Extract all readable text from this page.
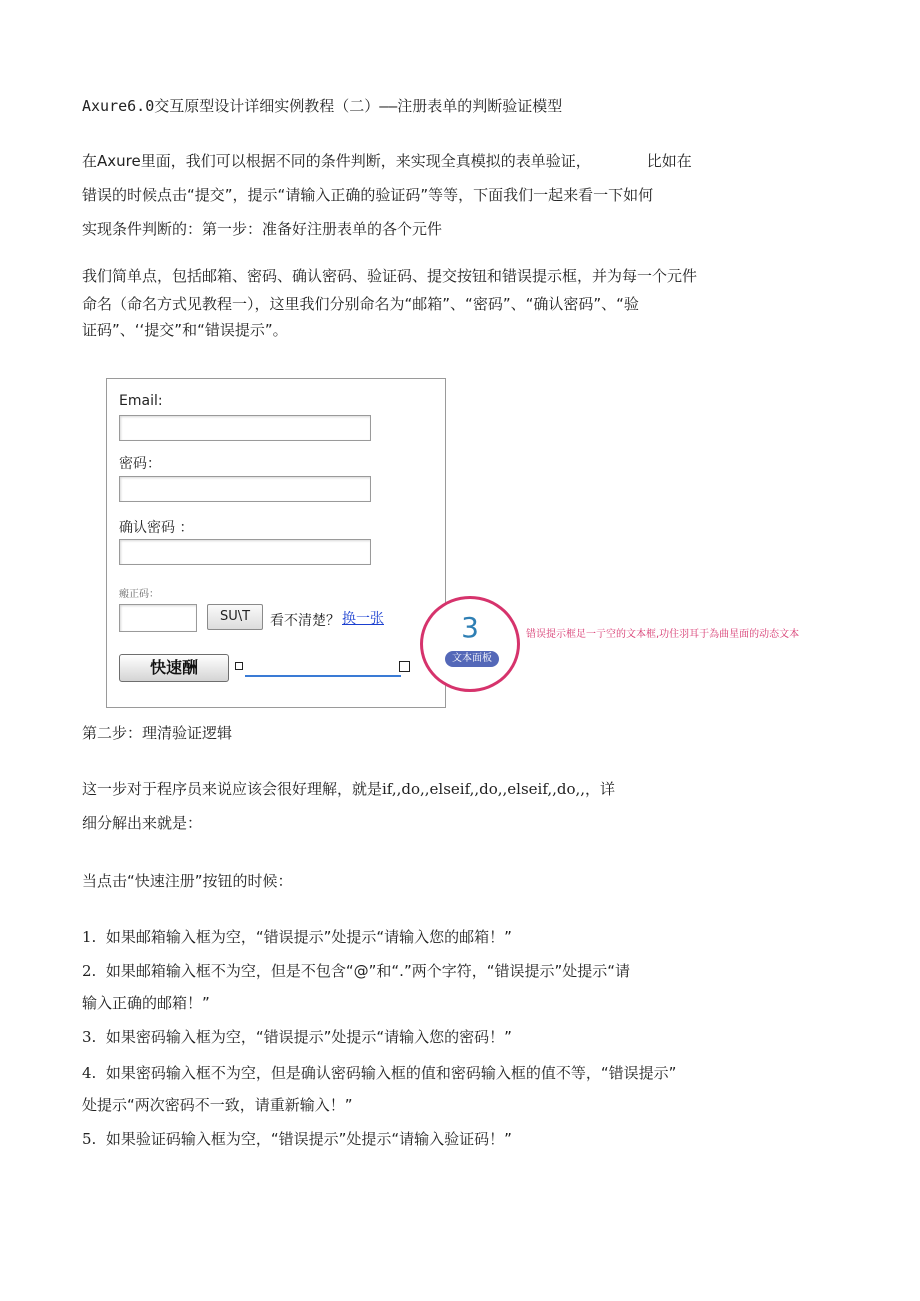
Axure6.0交互原型设计详细实例教程（二）——注册表单的判断验证模型
在Axure里面，我们可以根据不同的条件判断，来实现全真模拟的表单验证，	比如在
错误的时候点击“提交”，提示“请输入正确的验证码”等等，下面我们一起来看一下如何
实现条件判断的：第一步：准备好注册表单的各个元件
我们简单点，包括邮箱、密码、确认密码、验证码、提交按钮和错误提示框，并为每一个元件
命名（命名方式见教程一），这里我们分别命名为“邮箱”、“密码”、“确认密码”、“验
证码”、‘‘提交”和“错误提示”。
Email:
密码：
确认密码 ：
瘢正码：
SU\T	看不清楚？ 换一张
快速酬
3
文本面板
错误提示框足一亍空的文本框,功住羽耳于為曲星面的动态文本
第二步：理清验证逻辑
这一步对于程序员来说应该会很好理解，就是if,,do,,elseif,,do,,elseif,,do,,，详
细分解出来就是：
当点击“快速注册”按钮的时候：
1. 如果邮箱输入框为空，“错误提示”处提示“请输入您的邮箱！”
2. 如果邮箱输入框不为空，但是不包含“@”和“.”两个字符，“错误提示”处提示“请
输入正确的邮箱！”
3. 如果密码输入框为空，“错误提示”处提示“请输入您的密码！”
4. 如果密码输入框不为空，但是确认密码输入框的值和密码输入框的值不等，“错误提示”
处提示“两次密码不一致，请重新输入！”
5. 如果验证码输入框为空，“错误提示”处提示“请输入验证码！”
